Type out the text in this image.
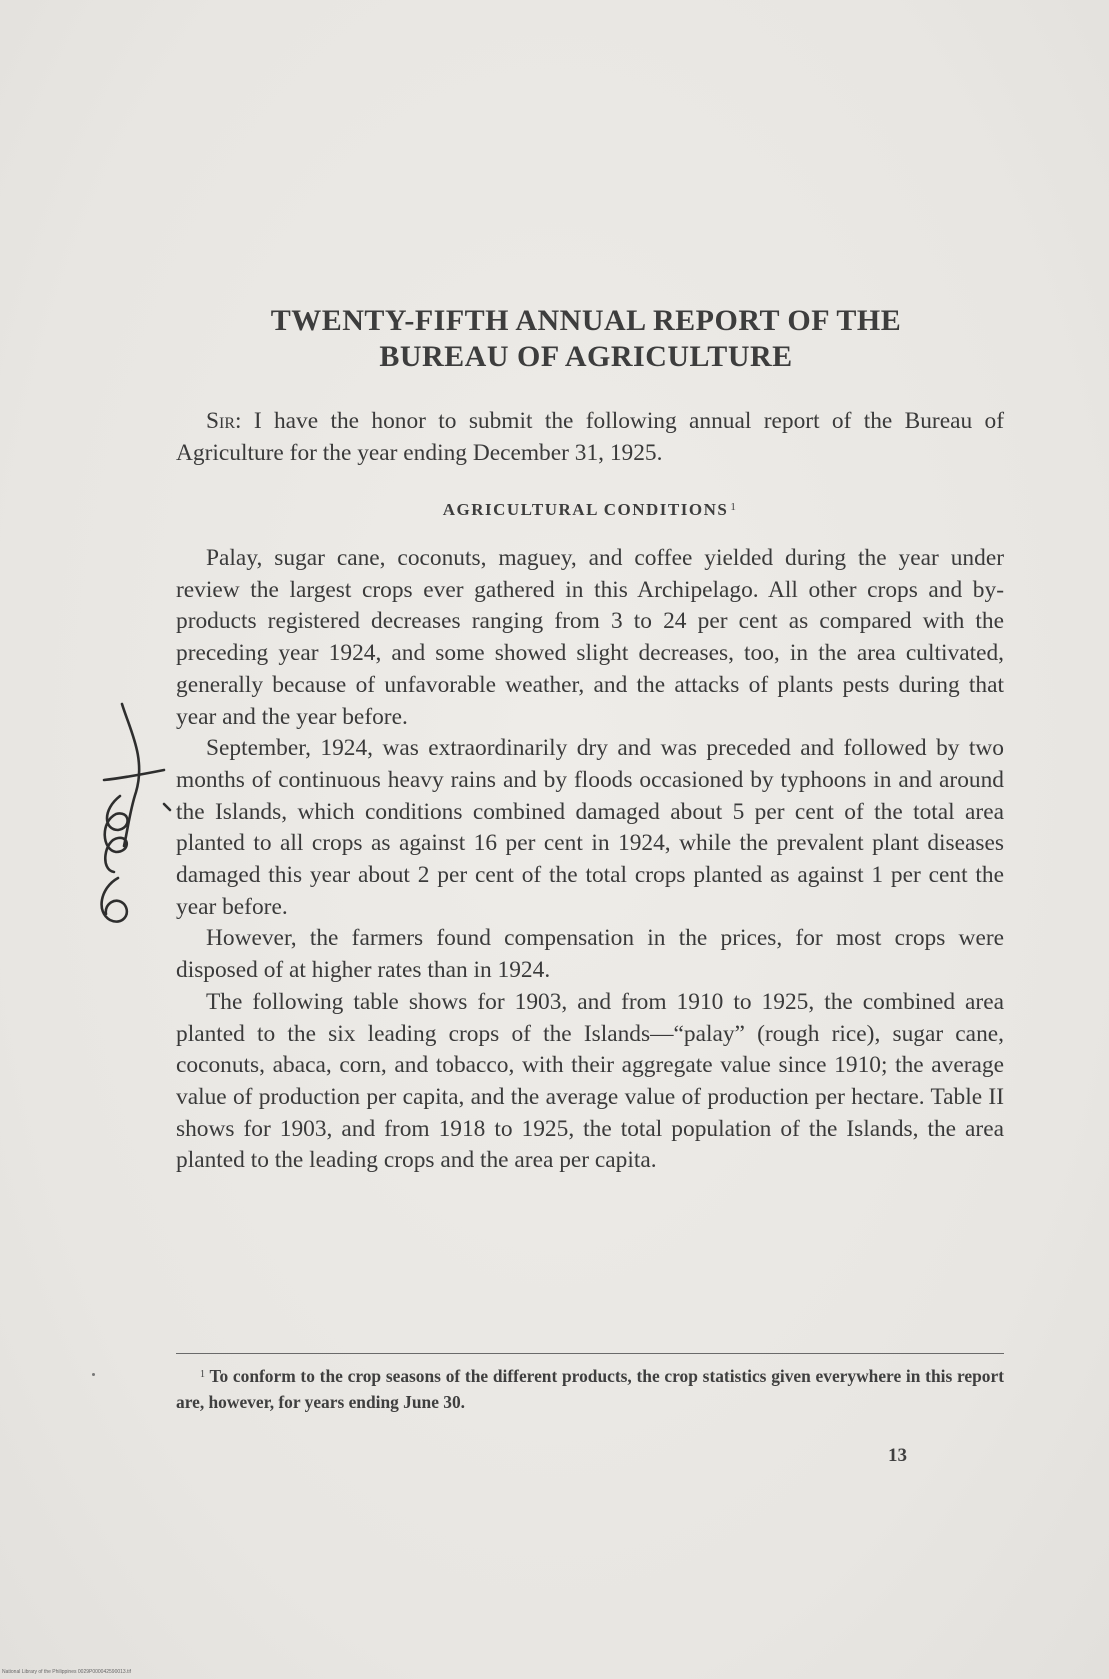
TWENTY-FIFTH ANNUAL REPORT OF THE
BUREAU OF AGRICULTURE

Sir: I have the honor to submit the following annual report of the Bureau of Agriculture for the year ending December 31, 1925.

AGRICULTURAL CONDITIONS $^1$

Palay, sugar cane, coconuts, maguey, and coffee yielded during the year under review the largest crops ever gathered in this Archipelago. All other crops and by-products registered decreases ranging from 3 to 24 per cent as compared with the preceding year 1924, and some showed slight decreases, too, in the area cultivated, generally because of unfavorable weather, and the attacks of plants pests during that year and the year before.

September, 1924, was extraordinarily dry and was preceded and followed by two months of continuous heavy rains and by floods occasioned by typhoons in and around the Islands, which conditions combined damaged about 5 per cent of the total area planted to all crops as against 16 per cent in 1924, while the prevalent plant diseases damaged this year about 2 per cent of the total crops planted as against 1 per cent the year before.

However, the farmers found compensation in the prices, for most crops were disposed of at higher rates than in 1924.

The following table shows for 1903, and from 1910 to 1925, the combined area planted to the six leading crops of the Islands—“palay” (rough rice), sugar cane, coconuts, abaca, corn, and tobacco, with their aggregate value since 1910; the average value of production per capita, and the average value of production per hectare. Table II shows for 1903, and from 1918 to 1925, the total population of the Islands, the area planted to the leading crops and the area per capita.

$^1$ To conform to the crop seasons of the different products, the crop statistics given everywhere in this report are, however, for years ending June 30.

13
National Library of the Philippines 0029P000042590013.tif
